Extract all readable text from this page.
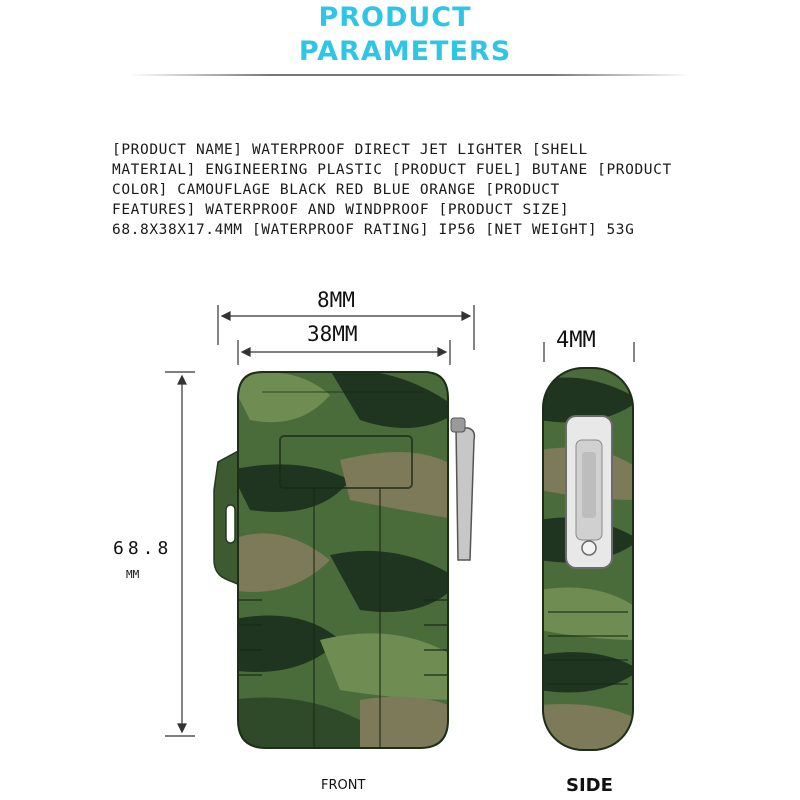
PRODUCT
PARAMETERS
[PRODUCT NAME] WATERPROOF DIRECT JET LIGHTER [SHELL
MATERIAL] ENGINEERING PLASTIC [PRODUCT FUEL] BUTANE [PRODUCT
COLOR] CAMOUFLAGE BLACK RED BLUE ORANGE [PRODUCT
FEATURES] WATERPROOF AND WINDPROOF [PRODUCT SIZE]
68.8X38X17.4MM [WATERPROOF RATING] IP56 [NET WEIGHT] 53G
8MM
38MM
68.8
MM
4MM
FRONT	SIDE
